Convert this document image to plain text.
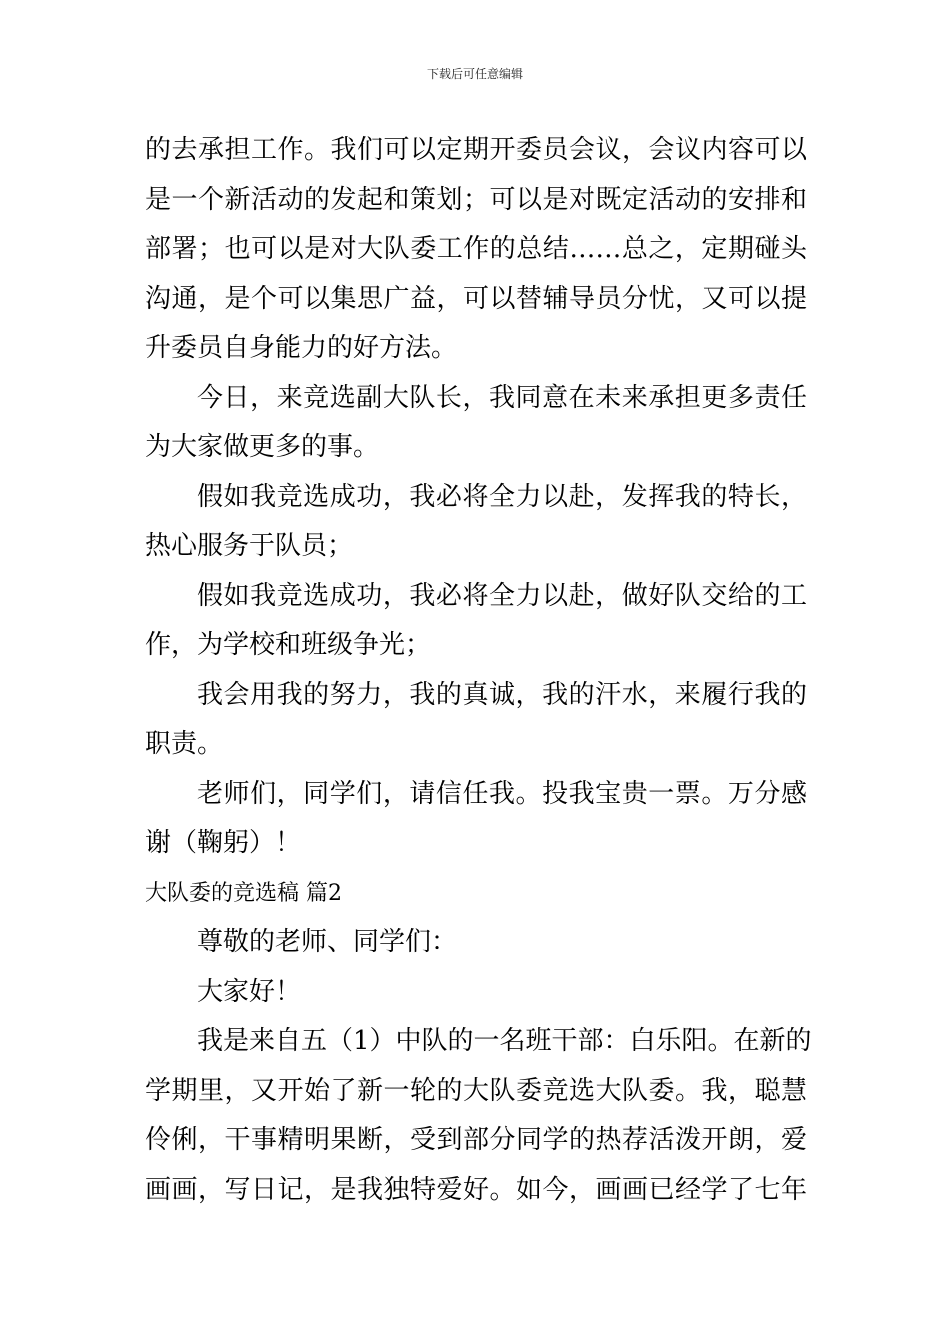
下载后可任意编辑
的去承担工作。我们可以定期开委员会议，会议内容可以
是一个新活动的发起和策划；可以是对既定活动的安排和
部署；也可以是对大队委工作的总结……总之，定期碰头
沟通，是个可以集思广益，可以替辅导员分忧，又可以提
升委员自身能力的好方法。
今日，来竞选副大队长，我同意在未来承担更多责任
为大家做更多的事。
假如我竞选成功，我必将全力以赴，发挥我的特长，
热心服务于队员；
假如我竞选成功，我必将全力以赴，做好队交给的工
作，为学校和班级争光；
我会用我的努力，我的真诚，我的汗水，来履行我的
职责。
老师们，同学们，请信任我。投我宝贵一票。万分感
谢（鞠躬）！
大队委的竞选稿 篇2
尊敬的老师、同学们：
大家好！
我是来自五（1）中队的一名班干部：白乐阳。在新的
学期里，又开始了新一轮的大队委竞选大队委。我，聪慧
伶俐，干事精明果断，受到部分同学的热荐活泼开朗，爱
画画，写日记，是我独特爱好。如今，画画已经学了七年
